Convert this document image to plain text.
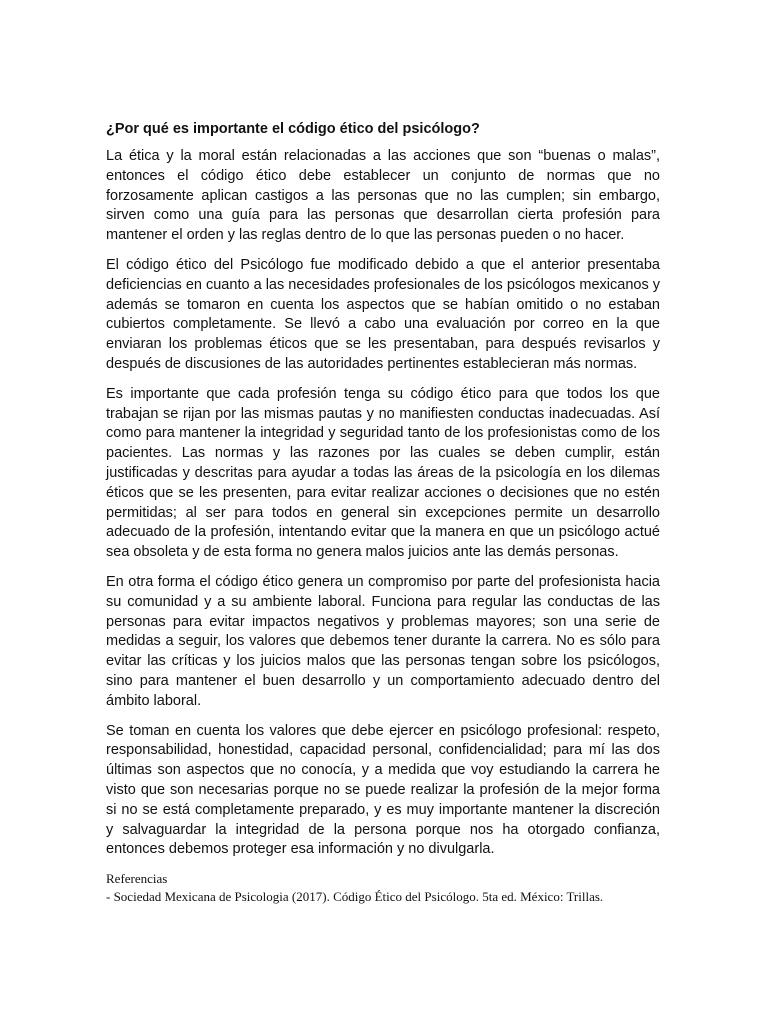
¿Por qué es importante el código ético del psicólogo?

La ética y la moral están relacionadas a las acciones que son “buenas o malas”, entonces el código ético debe establecer un conjunto de normas que no forzosamente aplican castigos a las personas que no las cumplen; sin embargo, sirven como una guía para las personas que desarrollan cierta profesión para mantener el orden y las reglas dentro de lo que las personas pueden o no hacer.

El código ético del Psicólogo fue modificado debido a que el anterior presentaba deficiencias en cuanto a las necesidades profesionales de los psicólogos mexicanos y además se tomaron en cuenta los aspectos que se habían omitido o no estaban cubiertos completamente. Se llevó a cabo una evaluación por correo en la que enviaran los problemas éticos que se les presentaban, para después revisarlos y después de discusiones de las autoridades pertinentes establecieran más normas.

Es importante que cada profesión tenga su código ético para que todos los que trabajan se rijan por las mismas pautas y no manifiesten conductas inadecuadas. Así como para mantener la integridad y seguridad tanto de los profesionistas como de los pacientes. Las normas y las razones por las cuales se deben cumplir, están justificadas y descritas para ayudar a todas las áreas de la psicología en los dilemas éticos que se les presenten, para evitar realizar acciones o decisiones que no estén permitidas; al ser para todos en general sin excepciones permite un desarrollo adecuado de la profesión, intentando evitar que la manera en que un psicólogo actué sea obsoleta y de esta forma no genera malos juicios ante las demás personas.

En otra forma el código ético genera un compromiso por parte del profesionista hacia su comunidad y a su ambiente laboral. Funciona para regular las conductas de las personas para evitar impactos negativos y problemas mayores; son una serie de medidas a seguir, los valores que debemos tener durante la carrera. No es sólo para evitar las críticas y los juicios malos que las personas tengan sobre los psicólogos, sino para mantener el buen desarrollo y un comportamiento adecuado dentro del ámbito laboral.

Se toman en cuenta los valores que debe ejercer en psicólogo profesional: respeto, responsabilidad, honestidad, capacidad personal, confidencialidad; para mí las dos últimas son aspectos que no conocía, y a medida que voy estudiando la carrera he visto que son necesarias porque no se puede realizar la profesión de la mejor forma si no se está completamente preparado, y es muy importante mantener la discreción y salvaguardar la integridad de la persona porque nos ha otorgado confianza, entonces debemos proteger esa información y no divulgarla.

Referencias
- Sociedad Mexicana de Psicologia (2017). Código Ético del Psicólogo. 5ta ed. México: Trillas.
